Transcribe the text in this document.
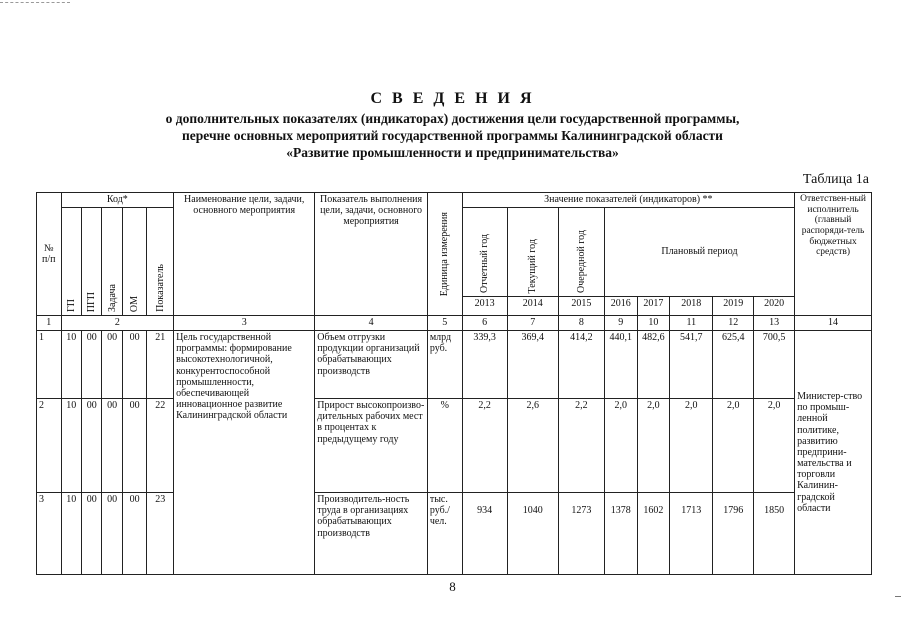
С В Е Д Е Н И Я
о дополнительных показателях (индикаторах) достижения цели государственной программы,
перечне основных мероприятий государственной программы Калининградской области
«Развитие промышленности и предпринимательства»
Таблица 1а
№ п/п	Код*					Наименование цели, задачи, основного мероприятия	Показатель выполнения цели, задачи, основного мероприятия	Единица измерения	Значение показателей (индикаторов) **								Ответствен-ный исполнитель (главный распоряди-тель бюджетных средств)

	ГП	ПГП	Задача	ОМ	Показатель				Отчетный год	Текущий год	Очередной год	Плановый период					
									2013	2014	2015	2016	2017	2018	2019	2020	
1	2					3	4	5	6	7	8	9	10	11	12	13	14
1	10	00	00	00	21	Цель государственной программы: формирование высокотехнологичной, конкурентоспособной промышленности, обеспечивающей инновационное развитие Калининградской области	Объем отгрузки продукции организаций обрабатывающих производств	млрд руб.	339,3	369,4	414,2	440,1	482,6	541,7	625,4	700,5	Министер-ство по промыш-ленной политике, развитию предприни-мательства и торговли Калинин-градской области
2	10	00	00	00	22		Прирост высокопроизво-дительных рабочих мест в процентах к предыдущему году	%	2,2	2,6	2,2	2,0	2,0	2,0	2,0	2,0	
3	10	00	00	00	23		Производитель-ность труда в организациях обрабатывающих производств	тыс. руб./ чел.	934	1040	1273	1378	1602	1713	1796	1850	
8
